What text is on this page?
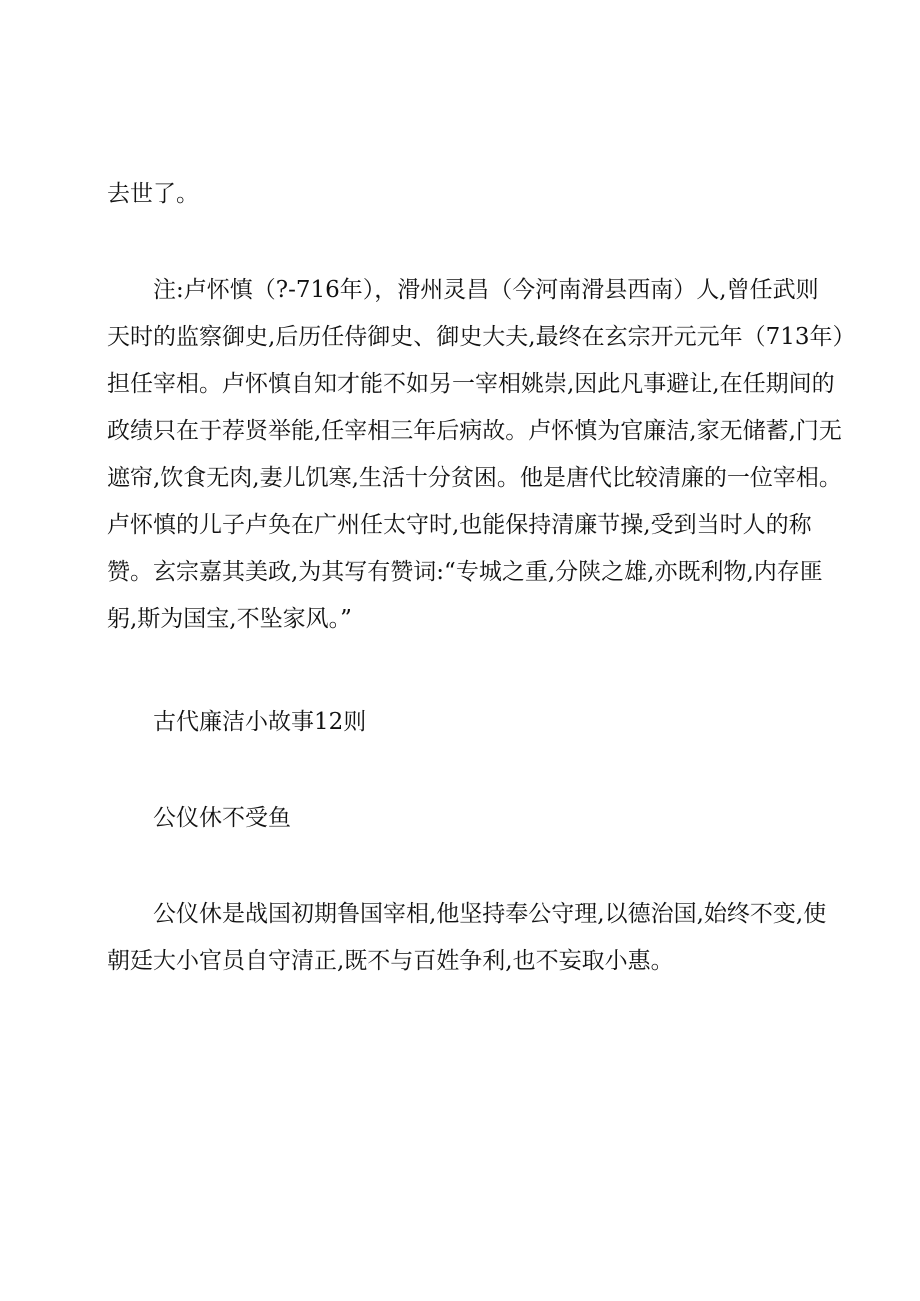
去世了。
注:卢怀慎（?-716年），滑州灵昌（今河南滑县西南）人,曾任武则
天时的监察御史,后历任侍御史、御史大夫,最终在玄宗开元元年（713年）
担任宰相。卢怀慎自知才能不如另一宰相姚崇,因此凡事避让,在任期间的
政绩只在于荐贤举能,任宰相三年后病故。卢怀慎为官廉洁,家无储蓄,门无
遮帘,饮食无肉,妻儿饥寒,生活十分贫困。他是唐代比较清廉的一位宰相。
卢怀慎的儿子卢奂在广州任太守时,也能保持清廉节操,受到当时人的称
赞。玄宗嘉其美政,为其写有赞词:“专城之重,分陕之雄,亦既利物,内存匪
躬,斯为国宝,不坠家风。”
古代廉洁小故事12则
公仪休不受鱼
公仪休是战国初期鲁国宰相,他坚持奉公守理,以德治国,始终不变,使
朝廷大小官员自守清正,既不与百姓争利,也不妄取小惠。
